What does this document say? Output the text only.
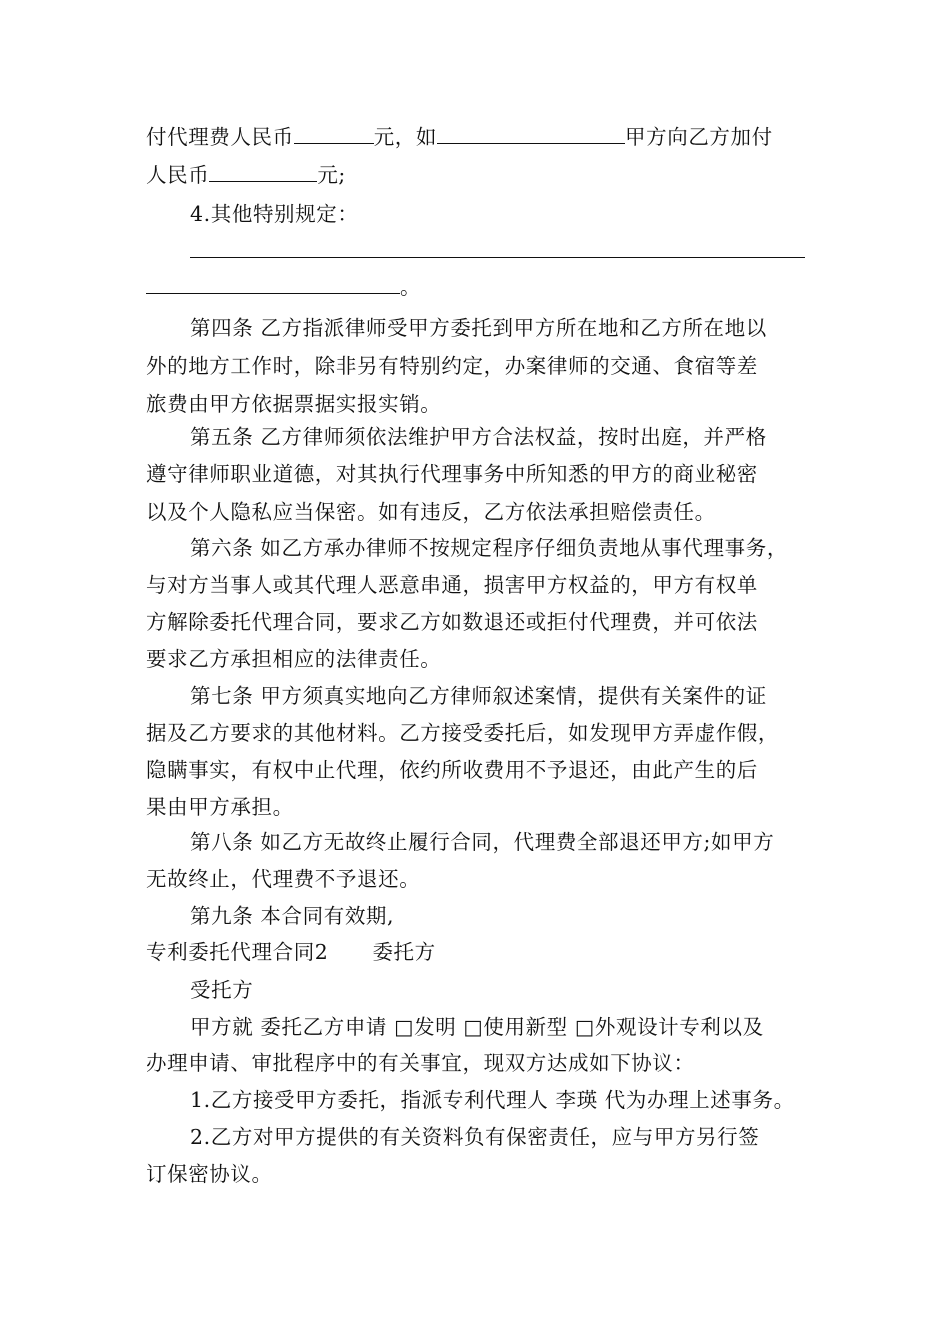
付代理费人民币	元，如	甲方向乙方加付
人民币	元;
4.其他特别规定：
。
第四条 乙方指派律师受甲方委托到甲方所在地和乙方所在地以
外的地方工作时，除非另有特别约定，办案律师的交通、食宿等差
旅费由甲方依据票据实报实销。
第五条 乙方律师须依法维护甲方合法权益，按时出庭，并严格
遵守律师职业道德，对其执行代理事务中所知悉的甲方的商业秘密
以及个人隐私应当保密。如有违反，乙方依法承担赔偿责任。
第六条 如乙方承办律师不按规定程序仔细负责地从事代理事务，
与对方当事人或其代理人恶意串通，损害甲方权益的，甲方有权单
方解除委托代理合同，要求乙方如数退还或拒付代理费，并可依法
要求乙方承担相应的法律责任。
第七条 甲方须真实地向乙方律师叙述案情，提供有关案件的证
据及乙方要求的其他材料。乙方接受委托后，如发现甲方弄虚作假，
隐瞒事实，有权中止代理，依约所收费用不予退还，由此产生的后
果由甲方承担。
第八条 如乙方无故终止履行合同，代理费全部退还甲方;如甲方
无故终止，代理费不予退还。
第九条 本合同有效期,
专利委托代理合同2 委托方
受托方
甲方就 委托乙方申请 □发明 □使用新型 □外观设计专利以及
办理申请、审批程序中的有关事宜，现双方达成如下协议：
1.乙方接受甲方委托，指派专利代理人 李瑛 代为办理上述事务。
2.乙方对甲方提供的有关资料负有保密责任，应与甲方另行签
订保密协议。
